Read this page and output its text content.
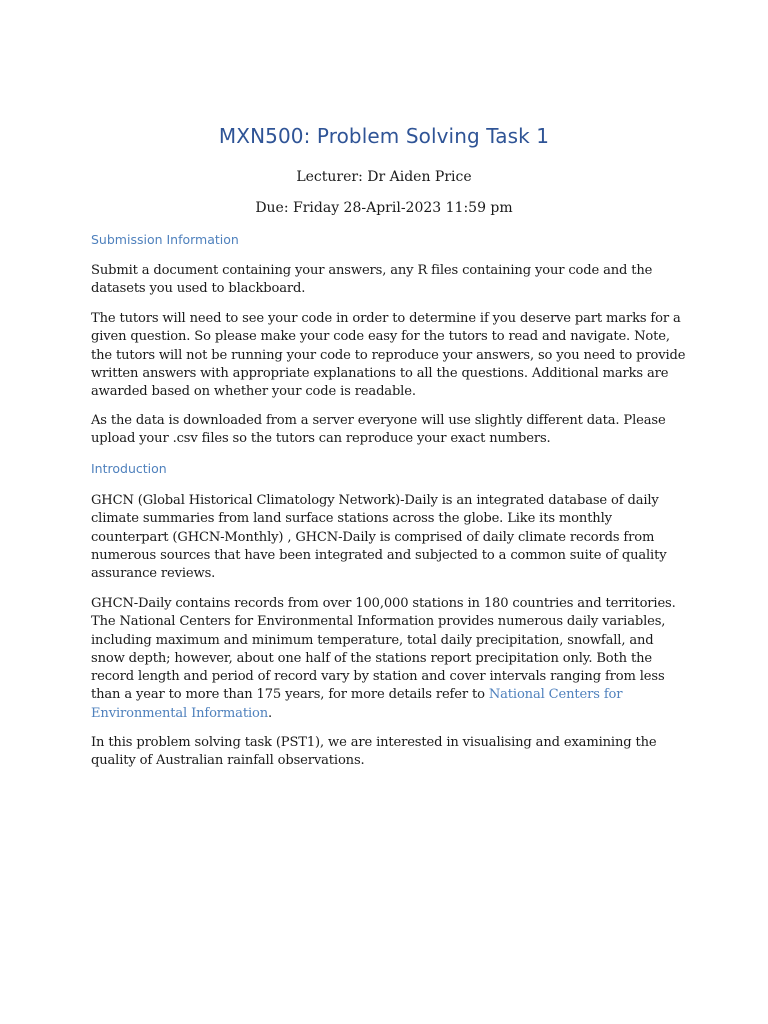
MXN500: Problem Solving Task 1

Lecturer: Dr Aiden Price

Due: Friday 28-April-2023 11:59 pm

Submission Information

Submit a document containing your answers, any R files containing your code and the datasets you used to blackboard.

The tutors will need to see your code in order to determine if you deserve part marks for a given question. So please make your code easy for the tutors to read and navigate. Note, the tutors will not be running your code to reproduce your answers, so you need to provide written answers with appropriate explanations to all the questions. Additional marks are awarded based on whether your code is readable.

As the data is downloaded from a server everyone will use slightly different data. Please upload your .csv files so the tutors can reproduce your exact numbers.

Introduction

GHCN (Global Historical Climatology Network)-Daily is an integrated database of daily climate summaries from land surface stations across the globe. Like its monthly counterpart (GHCN-Monthly) , GHCN-Daily is comprised of daily climate records from numerous sources that have been integrated and subjected to a common suite of quality assurance reviews.

GHCN-Daily contains records from over 100,000 stations in 180 countries and territories. The National Centers for Environmental Information provides numerous daily variables, including maximum and minimum temperature, total daily precipitation, snowfall, and snow depth; however, about one half of the stations report precipitation only. Both the record length and period of record vary by station and cover intervals ranging from less than a year to more than 175 years, for more details refer to National Centers for Environmental Information.

In this problem solving task (PST1), we are interested in visualising and examining the quality of Australian rainfall observations.
